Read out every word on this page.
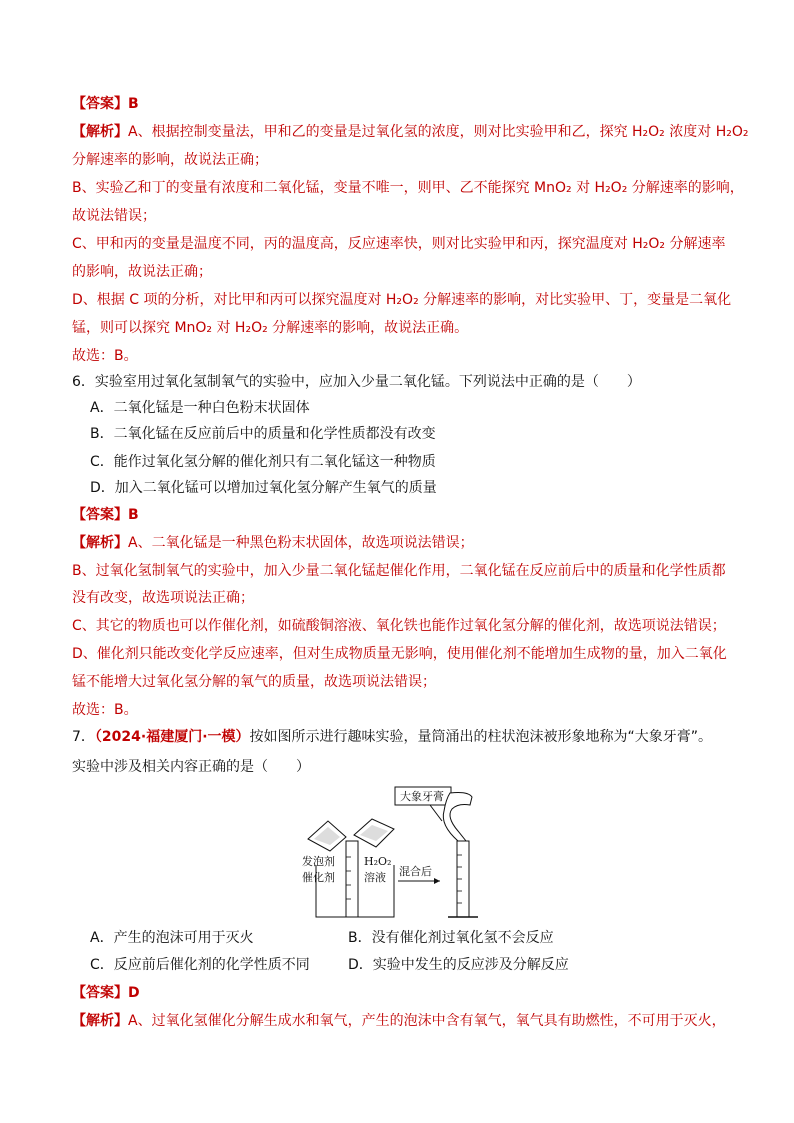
【答案】B
【解析】A、根据控制变量法，甲和乙的变量是过氧化氢的浓度，则对比实验甲和乙，探究 H₂O₂ 浓度对 H₂O₂
分解速率的影响，故说法正确；
B、实验乙和丁的变量有浓度和二氧化锰，变量不唯一，则甲、乙不能探究 MnO₂ 对 H₂O₂ 分解速率的影响，
故说法错误；
C、甲和丙的变量是温度不同，丙的温度高，反应速率快，则对比实验甲和丙，探究温度对 H₂O₂ 分解速率
的影响，故说法正确；
D、根据 C 项的分析，对比甲和丙可以探究温度对 H₂O₂ 分解速率的影响，对比实验甲、丁，变量是二氧化
锰，则可以探究 MnO₂ 对 H₂O₂ 分解速率的影响，故说法正确。
故选：B。
6．实验室用过氧化氢制氧气的实验中，应加入少量二氧化锰。下列说法中正确的是（　　）
A．二氧化锰是一种白色粉末状固体
B．二氧化锰在反应前后中的质量和化学性质都没有改变
C．能作过氧化氢分解的催化剂只有二氧化锰这一种物质
D．加入二氧化锰可以增加过氧化氢分解产生氧气的质量
【答案】B
【解析】A、二氧化锰是一种黑色粉末状固体，故选项说法错误；
B、过氧化氢制氧气的实验中，加入少量二氧化锰起催化作用，二氧化锰在反应前后中的质量和化学性质都
没有改变，故选项说法正确；
C、其它的物质也可以作催化剂，如硫酸铜溶液、氧化铁也能作过氧化氢分解的催化剂，故选项说法错误；
D、催化剂只能改变化学反应速率，但对生成物质量无影响，使用催化剂不能增加生成物的量，加入二氧化
锰不能增大过氧化氢分解的氧气的质量，故选项说法错误；
故选：B。
7．（2024·福建厦门·一模）按如图所示进行趣味实验，量筒涌出的柱状泡沫被形象地称为“大象牙膏”。
实验中涉及相关内容正确的是（　　）
大象牙膏
发泡剂
催化剂
H₂O₂
溶液 混合后
A．产生的泡沫可用于灭火	B．没有催化剂过氧化氢不会反应
C．反应前后催化剂的化学性质不同	D．实验中发生的反应涉及分解反应
【答案】D
【解析】A、过氧化氢催化分解生成水和氧气，产生的泡沫中含有氧气，氧气具有助燃性，不可用于灭火，
